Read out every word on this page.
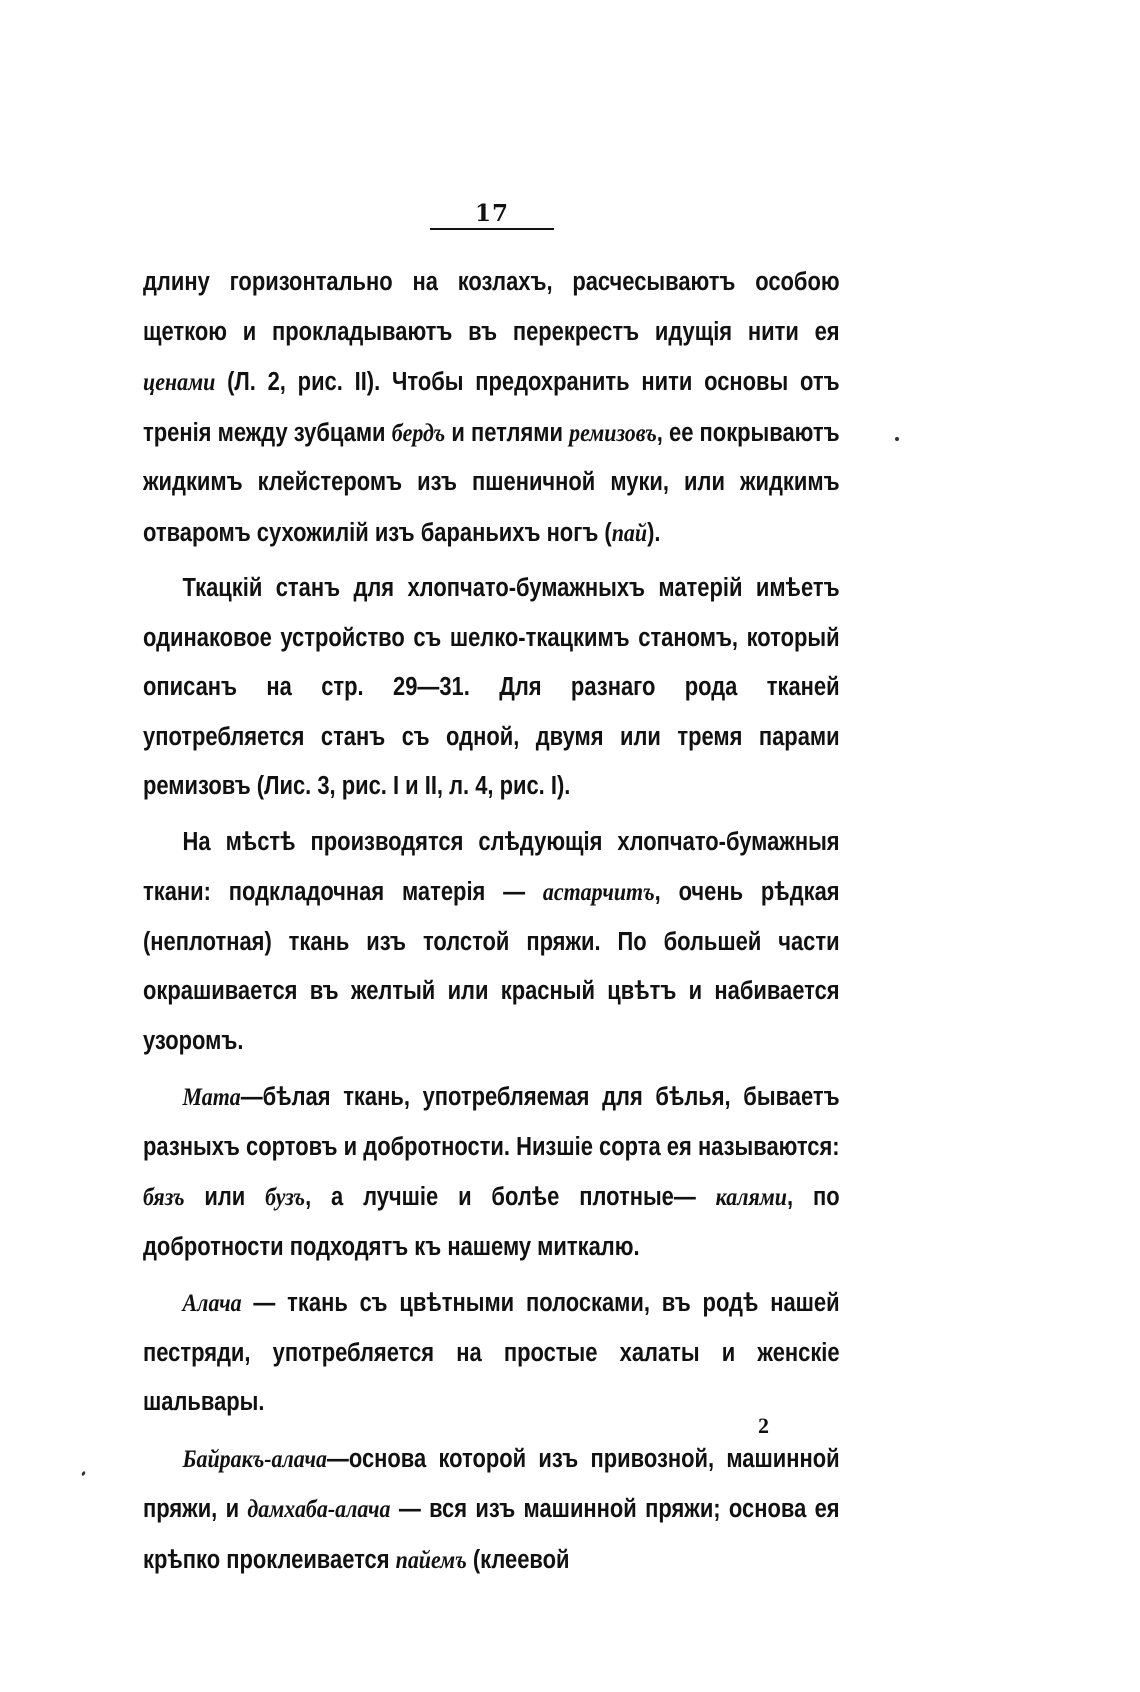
17

длину горизонтально на козлахъ, расчесываютъ особою щеткою и прокладываютъ въ перекрестъ идущія нити ея ценами (Л. 2, рис. II). Чтобы предохранить нити основы отъ тренія между зубцами бердъ и петлями ремизовъ, ее покрываютъ жидкимъ клейстеромъ изъ пшеничной муки, или жидкимъ отваромъ сухожилій изъ бараньихъ ногъ (пай).

Ткацкій станъ для хлопчато-бумажныхъ матерій имѣетъ одинаковое устройство съ шелко-ткацкимъ станомъ, который описанъ на стр. 29—31. Для разнаго рода тканей употребляется станъ съ одной, двумя или тремя парами ремизовъ (Лис. 3, рис. I и II, л. 4, рис. I).

На мѣстѣ производятся слѣдующія хлопчато-бумажныя ткани: подкладочная матерія — астарчитъ, очень рѣдкая (неплотная) ткань изъ толстой пряжи. По большей части окрашивается въ желтый или красный цвѣтъ и набивается узоромъ.

Мата—бѣлая ткань, употребляемая для бѣлья, бываетъ разныхъ сортовъ и добротности. Низшіе сорта ея называются: бязъ или бузъ, а лучшіе и болѣе плотные— калями, по добротности подходятъ къ нашему миткалю.

Алача — ткань съ цвѣтными полосками, въ родѣ нашей пестряди, употребляется на простые халаты и женскіе шальвары.

Байракъ-алача—основа которой изъ привозной, машинной пряжи, и дамхаба-алача — вся изъ машинной пряжи; основа ея крѣпко проклеивается пайемъ (клеевой

2
